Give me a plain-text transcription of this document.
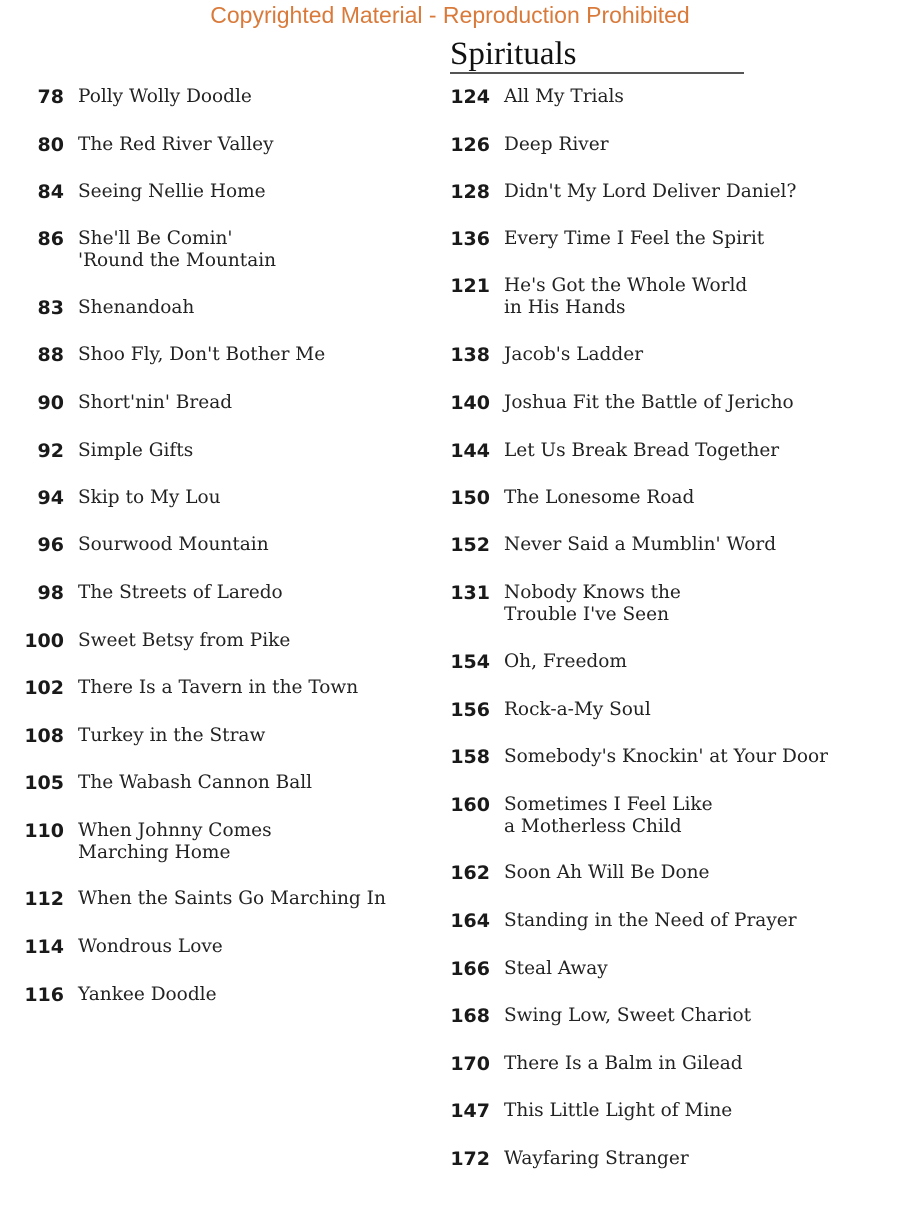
Copyrighted Material - Reproduction Prohibited
Spirituals
78 Polly Wolly Doodle
80 The Red River Valley
84 Seeing Nellie Home
86 She'll Be Comin'
'Round the Mountain
83 Shenandoah
88 Shoo Fly, Don't Bother Me
90 Short'nin' Bread
92 Simple Gifts
94 Skip to My Lou
96 Sourwood Mountain
98 The Streets of Laredo
100 Sweet Betsy from Pike
102 There Is a Tavern in the Town
108 Turkey in the Straw
105 The Wabash Cannon Ball
110 When Johnny Comes
Marching Home
112 When the Saints Go Marching In
114 Wondrous Love
116 Yankee Doodle
124 All My Trials
126 Deep River
128 Didn't My Lord Deliver Daniel?
136 Every Time I Feel the Spirit
121 He's Got the Whole World
in His Hands
138 Jacob's Ladder
140 Joshua Fit the Battle of Jericho
144 Let Us Break Bread Together
150 The Lonesome Road
152 Never Said a Mumblin' Word
131 Nobody Knows the
Trouble I've Seen
154 Oh, Freedom
156 Rock-a-My Soul
158 Somebody's Knockin' at Your Door
160 Sometimes I Feel Like
a Motherless Child
162 Soon Ah Will Be Done
164 Standing in the Need of Prayer
166 Steal Away
168 Swing Low, Sweet Chariot
170 There Is a Balm in Gilead
147 This Little Light of Mine
172 Wayfaring Stranger
